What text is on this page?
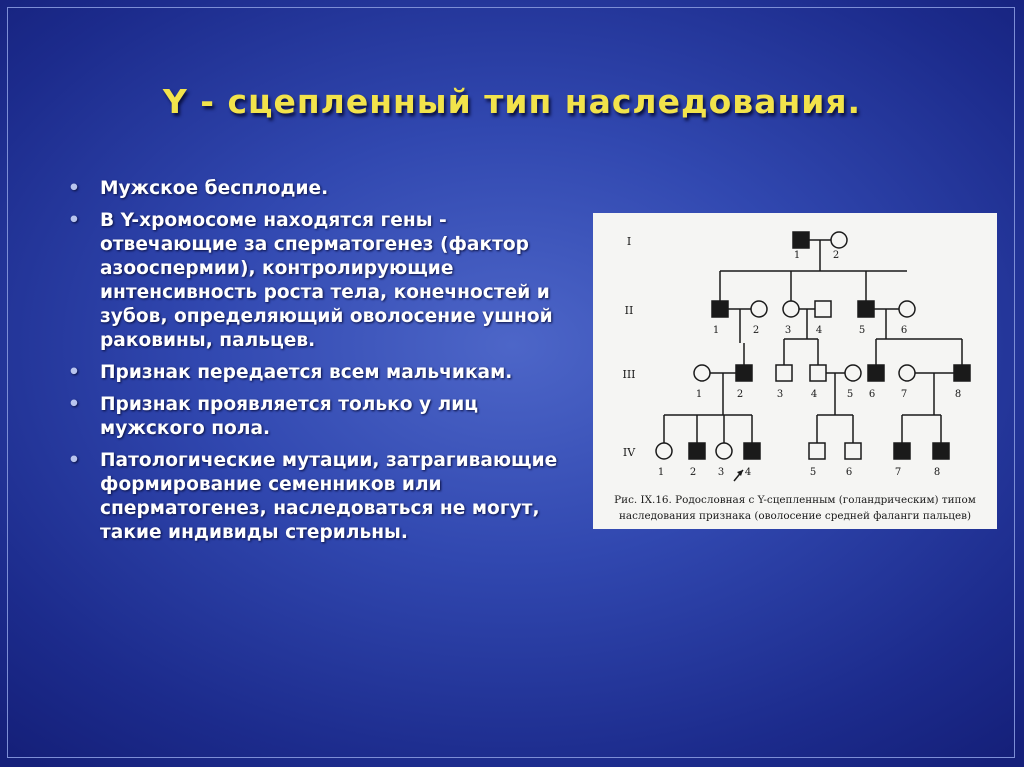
Y - сцепленный тип наследования.
• Мужское бесплодие.
• В Y-хромосоме находятся гены - отвечающие за сперматогенез (фактор азооспермии), контролирующие интенсивность роста тела, конечностей и зубов, определяющий оволосение ушной раковины, пальцев.
• Признак передается всем мальчикам.
• Признак проявляется только у лиц мужского пола.
• Патологические мутации, затрагивающие формирование семенников или сперматогенез, наследоваться не могут, такие индивиды стерильны.
I
II
III
IV
1	2
1	2	3 4	5	6
1	2	3	4	5 6	7	8
1	2 3 4	5	6	7	8
Рис. IX.16. Родословная с Y-сцепленным (голандрическим) типом
наследования признака (оволосение средней фаланги пальцев)
